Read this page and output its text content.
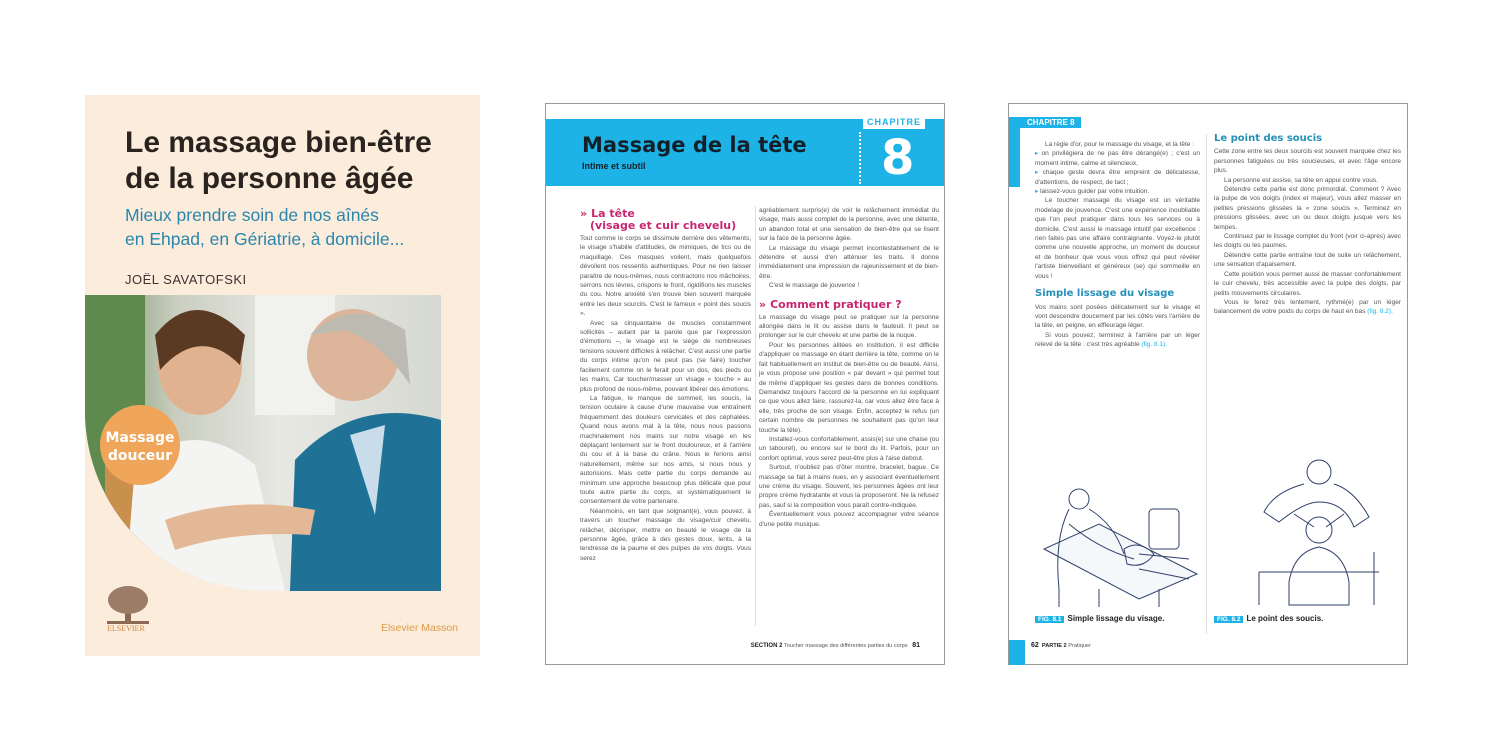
Le massage bien-être
de la personne âgée
Mieux prendre soin de nos aînés
en Ehpad, en Gériatrie, à domicile...
JOËL SAVATOFSKI
Massage
douceur
ELSEVIER	Elsevier Masson
Massage de la tête
Intime et subtil
CHAPITRE
8
» La tête
(visage et cuir chevelu)

Tout comme le corps se dissimule derrière des vêtements, le visage s'habille d'attitudes, de mimiques, de tics ou de maquillage. Ces masques voilent, mais quelquefois dévoilent nos ressentis authentiques. Pour ne rien laisser paraître de nous-mêmes, nous contractons nos mâchoires, serrons nos lèvres, crispons le front, rigidifions les muscles du cou. Notre anxiété s'en trouve bien souvent marquée entre les deux sourcils. C'est le fameux « point des soucis ».

Avec sa cinquantaine de muscles constamment sollicités – autant par la parole que par l'expression d'émotions –, le visage est le siège de nombreuses tensions souvent difficiles à relâcher. C'est aussi une partie du corps intime qu'on ne peut pas (se faire) toucher facilement comme on le ferait pour un dos, des pieds ou les mains. Car toucher/masser un visage « touche » au plus profond de nous-même, pouvant libérer des émotions.

La fatigue, le manque de sommeil, les soucis, la tension oculaire à cause d'une mauvaise vue entraînent fréquemment des douleurs cervicales et des céphalées. Quand nous avons mal à la tête, nous nous passons machinalement nos mains sur notre visage en les déplaçant lentement sur le front douloureux, et à l'arrière du cou et à la base du crâne. Nous le ferions ainsi naturellement, même sur nos amis, si nous nous y autorisions. Mais cette partie du corps demande au minimum une approche beaucoup plus délicate que pour toute autre partie du corps, et systématiquement le consentement de votre partenaire.

Néanmoins, en tant que soignant(e), vous pouvez, à travers un toucher massage du visage/cuir chevelu, relâcher, décrisper, mettre en beauté le visage de la personne âgée, grâce à des gestes doux, lents, à la tendresse de la paume et des pulpes de vos doigts. Vous serez

agréablement surpris(e) de voir le relâchement immédiat du visage, mais aussi complet de la personne, avec une détente, un abandon total et une sensation de bien-être qui se lisent sur la face de la personne âgée.

Le massage du visage permet incontestablement de le détendre et aussi d'en atténuer les traits. Il donne immédiatement une impression de rajeunissement et de bien-être.

C'est le massage de jouvence !

» Comment pratiquer ?

Le massage du visage peut se pratiquer sur la personne allongée dans le lit ou assise dans le fauteuil. Il peut se prolonger sur le cuir chevelu et une partie de la nuque.

Pour les personnes alitées en institution, il est difficile d'appliquer ce massage en étant derrière la tête, comme on le fait habituellement en institut de bien-être ou de beauté. Ainsi, je vous propose une position « par devant » qui permet tout de même d'appliquer les gestes dans de bonnes conditions. Demandez toujours l'accord de la personne en lui expliquant ce que vous allez faire, rassurez-la, car vous allez être face à elle, très proche de son visage. Enfin, acceptez le refus (un certain nombre de personnes ne souhaitent pas qu'on leur touche la tête).

Installez-vous confortablement, assis(e) sur une chaise (ou un tabouret), ou encore sur le bord du lit. Parfois, pour un confort optimal, vous serez peut-être plus à l'aise debout.

Surtout, n'oubliez pas d'ôter montre, bracelet, bague. Ce massage se fait à mains nues, en y associant éventuellement une crème du visage. Souvent, les personnes âgées ont leur propre crème hydratante et vous la proposeront. Ne la refusez pas, sauf si la composition vous paraît contre-indiquée.

Éventuellement vous pouvez accompagner votre séance d'une petite musique.

SECTION 2 Toucher massage des différentes parties du corps 81
CHAPITRE 8

La règle d'or, pour le massage du visage, et la tête :

▸ on privilégiera de ne pas être dérangé(e) ; c'est un moment intime, calme et silencieux,
▸ chaque geste devra être empreint de délicatesse, d'attentions, de respect, de tact ;
▸ laissez-vous guider par votre intuition.

Le toucher massage du visage est un véritable modelage de jouvence. C'est une expérience inoubliable que l'on peut pratiquer dans tous les services ou à domicile. C'est aussi le massage intuitif par excellence : rien faites pas une affaire contraignante. Voyez-le plutôt comme une nouvelle approche, un moment de douceur et de bonheur que vous vous offrez qui peut révéler l'artiste bienveillant et généreux (se) qui sommeille en vous !

Simple lissage du visage

Vos mains sont posées délicatement sur le visage et vont descendre doucement par les côtés vers l'arrière de la tête, en peigne, en effleurage léger.

Si vous pouvez, terminez à l'arrière par un léger relevé de la tête : c'est très agréable (fig. 8.1).

Le point des soucis

Cette zone entre les deux sourcils est souvent marquée chez les personnes fatiguées ou très soucieuses, et avec l'âge encore plus.

La personne est assise, sa tête en appui contre vous.

Détendre cette partie est donc primordial. Comment ? Avec la pulpe de vos doigts (index et majeur), vous allez masser en petites pressions glissées la « zone soucis ». Terminez en pressions glissées, avec un ou deux doigts jusque vers les tempes.

Continuez par le lissage complet du front (voir ci-après) avec les doigts ou les paumes.

Détendre cette partie entraîne tout de suite un relâchement, une sensation d'apaisement.

Cette position vous permet aussi de masser confortablement le cuir chevelu, très accessible avec la pulpe des doigts, par petits mouvements circulaires.

Vous le ferez très lentement, rythmé(e) par un léger balancement de votre poids du corps de haut en bas (fig. 8.2).

FIG. 8.1 Simple lissage du visage.	FIG. 8.2 Le point des soucis.
62 PARTIE 2 Pratiquer
